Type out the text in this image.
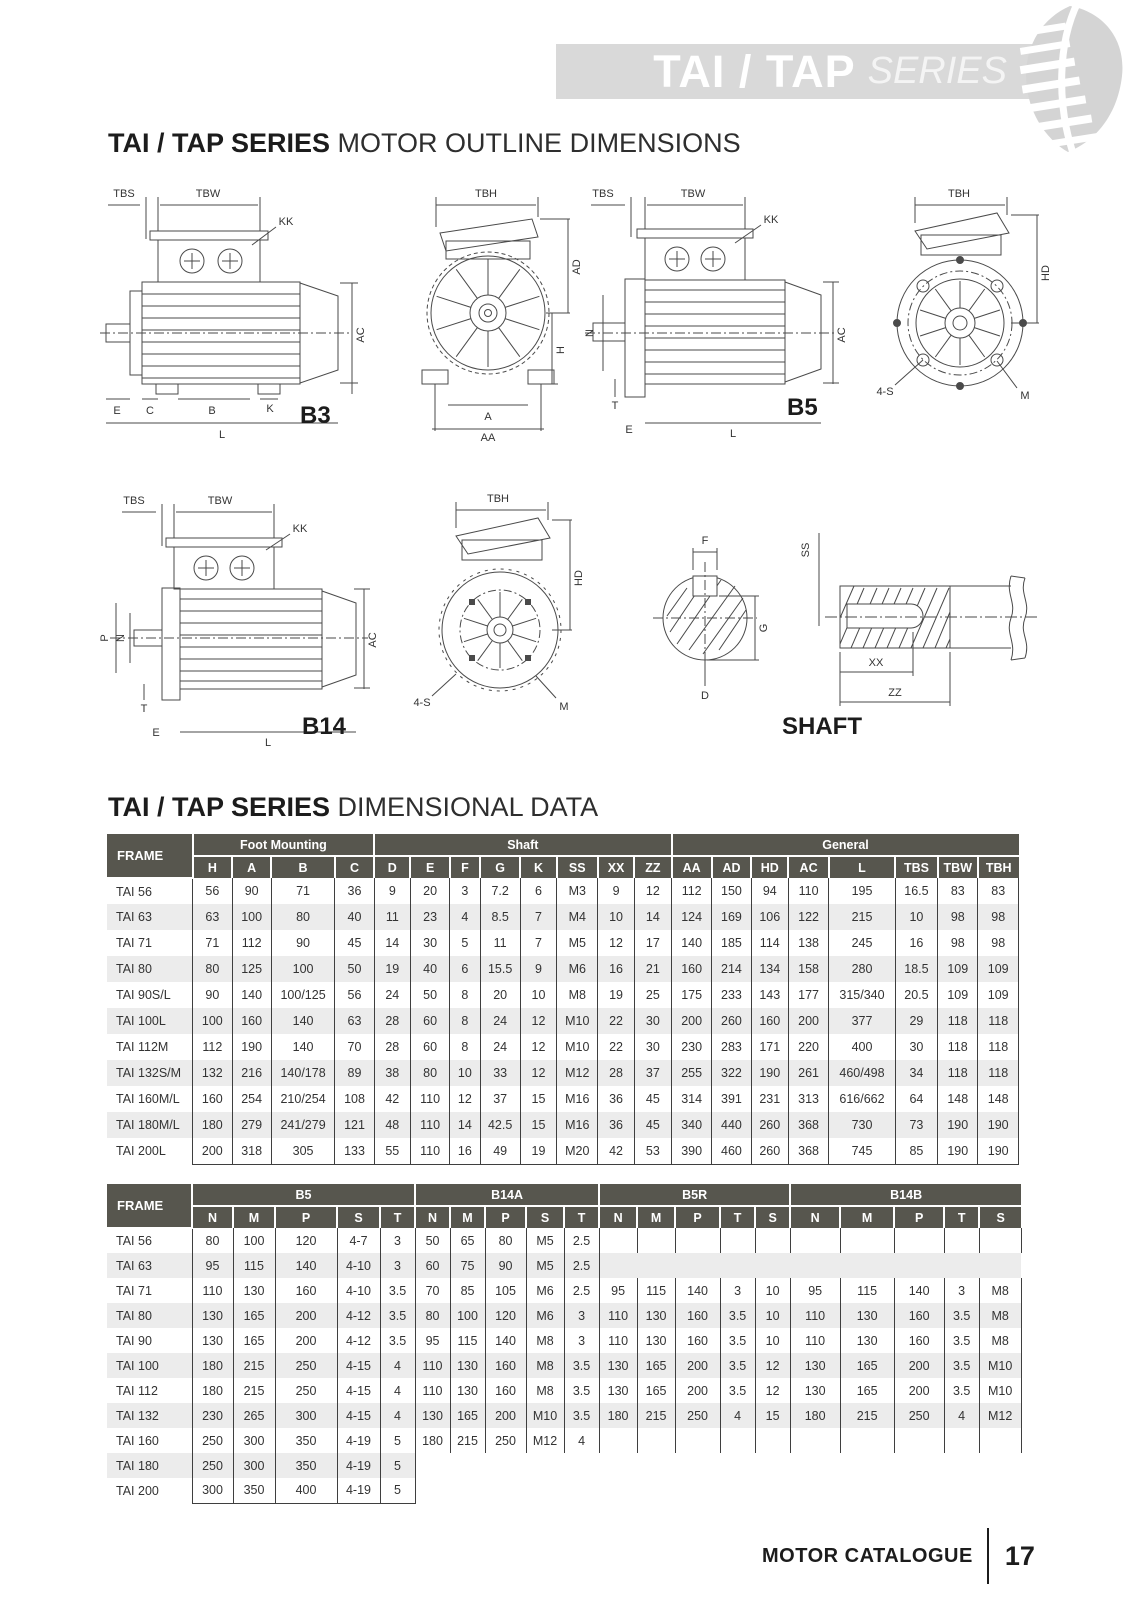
TAI / TAP SERIES
TAI / TAP SERIES MOTOR OUTLINE DIMENSIONS
TBS	TBW
KK
AC
E C	B	K
L
TBH
AD
H
A
AA
B3
TBS	TBW
KK
N
T
E
AC
L
TBH
HD
4-S	M
B5
TBS	TBW
KK
P N
T
E
AC
L
TBH
HD
4-S	M
B14
F
G
D
SS
XX
ZZ
SHAFT
TAI / TAP SERIES DIMENSIONAL DATA
FRAME	Foot Mounting				Shaft								General							
	H	A	B	C	D	E	F	G	K	SS	XX	ZZ	AA	AD	HD	AC	L	TBS	TBW	TBH
TAI 56	56	90	71	36	9	20	3	7.2	6	M3	9	12	112	150	94	110	195	16.5	83	83
TAI 63	63	100	80	40	11	23	4	8.5	7	M4	10	14	124	169	106	122	215	10	98	98
TAI 71	71	112	90	45	14	30	5	11	7	M5	12	17	140	185	114	138	245	16	98	98
TAI 80	80	125	100	50	19	40	6	15.5	9	M6	16	21	160	214	134	158	280	18.5	109	109
TAI 90S/L	90	140	100/125	56	24	50	8	20	10	M8	19	25	175	233	143	177	315/340	20.5	109	109
TAI 100L	100	160	140	63	28	60	8	24	12	M10	22	30	200	260	160	200	377	29	118	118
TAI 112M	112	190	140	70	28	60	8	24	12	M10	22	30	230	283	171	220	400	30	118	118
TAI 132S/M	132	216	140/178	89	38	80	10	33	12	M12	28	37	255	322	190	261	460/498	34	118	118
TAI 160M/L	160	254	210/254	108	42	110	12	37	15	M16	36	45	314	391	231	313	616/662	64	148	148
TAI 180M/L	180	279	241/279	121	48	110	14	42.5	15	M16	36	45	340	440	260	368	730	73	190	190
TAI 200L	200	318	305	133	55	110	16	49	19	M20	42	53	390	460	260	368	745	85	190	190
FRAME	B5					B14A					B5R					B14B				
	N	M	P	S	T	N	M	P	S	T	N	M	P	T	S	N	M	P	T	S
TAI 56	80	100	120	4-7	3	50	65	80	M5	2.5										
TAI 63	95	115	140	4-10	3	60	75	90	M5	2.5										
TAI 71	110	130	160	4-10	3.5	70	85	105	M6	2.5	95	115	140	3	10	95	115	140	3	M8
TAI 80	130	165	200	4-12	3.5	80	100	120	M6	3	110	130	160	3.5	10	110	130	160	3.5	M8
TAI 90	130	165	200	4-12	3.5	95	115	140	M8	3	110	130	160	3.5	10	110	130	160	3.5	M8
TAI 100	180	215	250	4-15	4	110	130	160	M8	3.5	130	165	200	3.5	12	130	165	200	3.5	M10
TAI 112	180	215	250	4-15	4	110	130	160	M8	3.5	130	165	200	3.5	12	130	165	200	3.5	M10
TAI 132	230	265	300	4-15	4	130	165	200	M10	3.5	180	215	250	4	15	180	215	250	4	M12
TAI 160	250	300	350	4-19	5	180	215	250	M12	4										
TAI 180	250	300	350	4-19	5															
TAI 200	300	350	400	4-19	5															
MOTOR CATALOGUE 17
